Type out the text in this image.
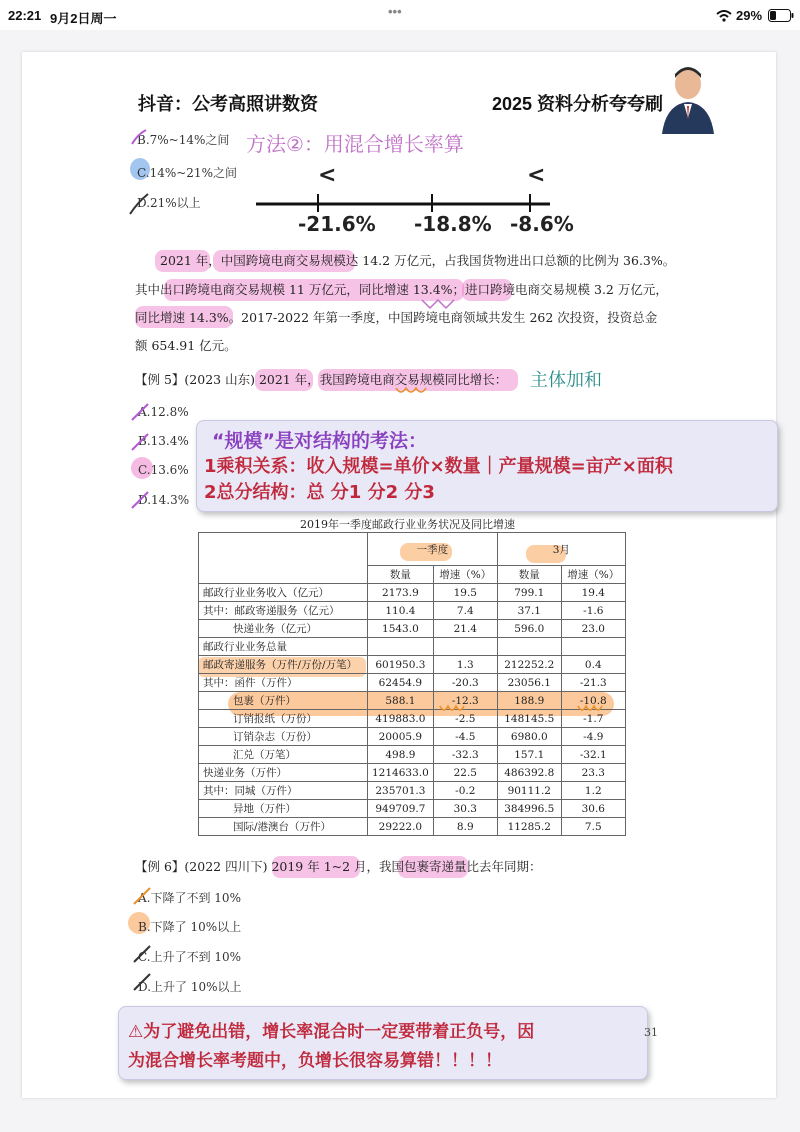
22:21 9月2日周一	•••	29%
抖音：公考高照讲数资	2025 资料分析夸夸刷
B.7%~14%之间
C.14%~21%之间
D.21%以上
方法②：用混合增长率算
<	<
-21.6% -18.8% -8.6%
2021 年，中国跨境电商交易规模达 14.2 万亿元，占我国货物进出口总额的比例为 36.3%。
其中出口跨境电商交易规模 11 万亿元，同比增速 13.4%；进口跨境电商交易规模 3.2 万亿元，
同比增速 14.3%。2017-2022 年第一季度，中国跨境电商领域共发生 262 次投资，投资总金
额 654.91 亿元。
【例 5】(2023 山东) 2021 年，我国跨境电商交易规模同比增长： 主体加和
A.12.8%
B.13.4%
C.13.6%
D.14.3%
“规模”是对结构的考法：
1乘积关系：收入规模=单价×数量｜产量规模=亩产×面积
2总分结构：总 分1 分2 分3
2019年一季度邮政行业业务状况及同比增速
	一季度		3月	
	数量	增速（%）	数量	增速（%）
邮政行业业务收入（亿元）	2173.9	19.5	799.1	19.4
其中：邮政寄递服务（亿元）	110.4	7.4	37.1	-1.6
快递业务（亿元）	1543.0	21.4	596.0	23.0
邮政行业业务总量				
邮政寄递服务（万件/万份/万笔）	601950.3	1.3	212252.2	0.4
其中：函件（万件）	62454.9	-20.3	23056.1	-21.3
包裹（万件）	588.1	-12.3	188.9	-10.8
订销报纸（万份）	419883.0	-2.5	148145.5	-1.7
订销杂志（万份）	20005.9	-4.5	6980.0	-4.9
汇兑（万笔）	498.9	-32.3	157.1	-32.1
快递业务（万件）	1214633.0	22.5	486392.8	23.3
其中：同城（万件）	235701.3	-0.2	90111.2	1.2
异地（万件）	949709.7	30.3	384996.5	30.6
国际/港澳台（万件）	29222.0	8.9	11285.2	7.5
【例 6】(2022 四川下) 2019 年 1~2 月，我国包裹寄递量比去年同期：
A.下降了不到 10%
B.下降了 10%以上
C.上升了不到 10%
D.上升了 10%以上
⚠为了避免出错，增长率混合时一定要带着正负号，因
为混合增长率考题中，负增长很容易算错！！！！
31
